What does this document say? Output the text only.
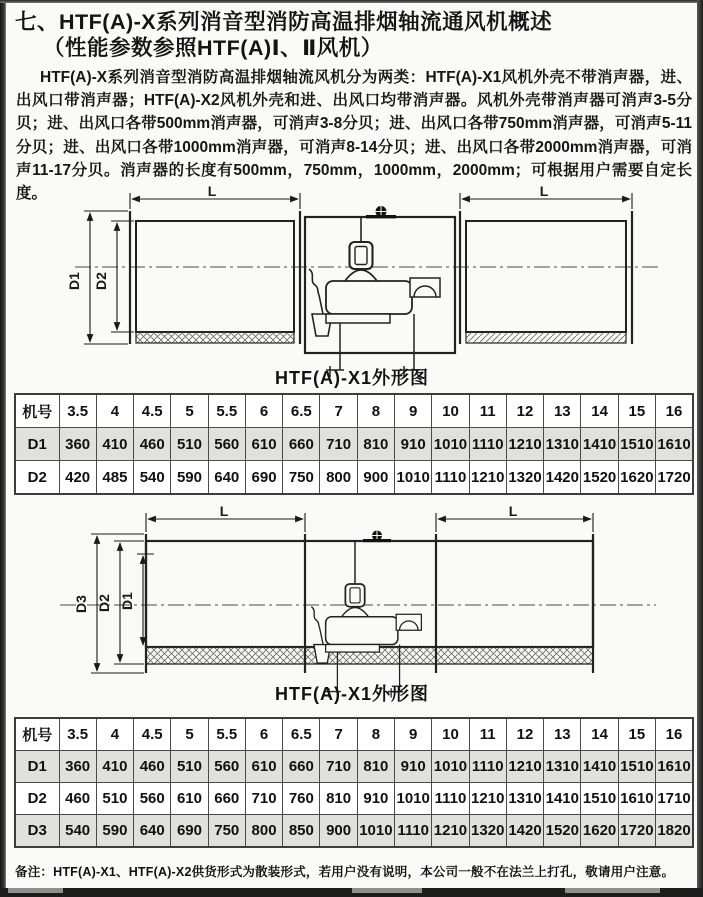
七、HTF(A)-X系列消音型消防高温排烟轴流通风机概述
（性能参数参照HTF(A)Ⅰ、Ⅱ风机）
HTF(A)-X系列消音型消防高温排烟轴流风机分为两类：HTF(A)-X1风机外壳不带消声器，进、出风口带消声器；HTF(A)-X2风机外壳和进、出风口均带消声器。风机外壳带消声器可消声3-5分贝；进、出风口各带500mm消声器，可消声3-8分贝；进、出风口各带750mm消声器，可消声5-11分贝；进、出风口各带1000mm消声器，可消声8-14分贝；进、出风口各带2000mm消声器，可消声11-17分贝。消声器的长度有500mm，750mm，1000mm，2000mm；可根据用户需要自定长度。	L	L
D1 D2
HTF(A)-X1外形图
机号	3.5	4	4.5	5	5.5	6	6.5	7	8	9	10	11	12	13	14	15	16
D1	360	410	460	510	560	610	660	710	810	910	1010	1110	1210	1310	1410	1510	1610
D2	420	485	540	590	640	690	750	800	900	1010	1110	1210	1320	1420	1520	1620	1720
L	L
D3 D2 D1
HTF(A)-X1外形图
机号	3.5	4	4.5	5	5.5	6	6.5	7	8	9	10	11	12	13	14	15	16
D1	360	410	460	510	560	610	660	710	810	910	1010	1110	1210	1310	1410	1510	1610
D2	460	510	560	610	660	710	760	810	910	1010	1110	1210	1310	1410	1510	1610	1710
D3	540	590	640	690	750	800	850	900	1010	1110	1210	1320	1420	1520	1620	1720	1820
备注：HTF(A)-X1、HTF(A)-X2供货形式为散装形式，若用户没有说明，本公司一般不在法兰上打孔，敬请用户注意。
